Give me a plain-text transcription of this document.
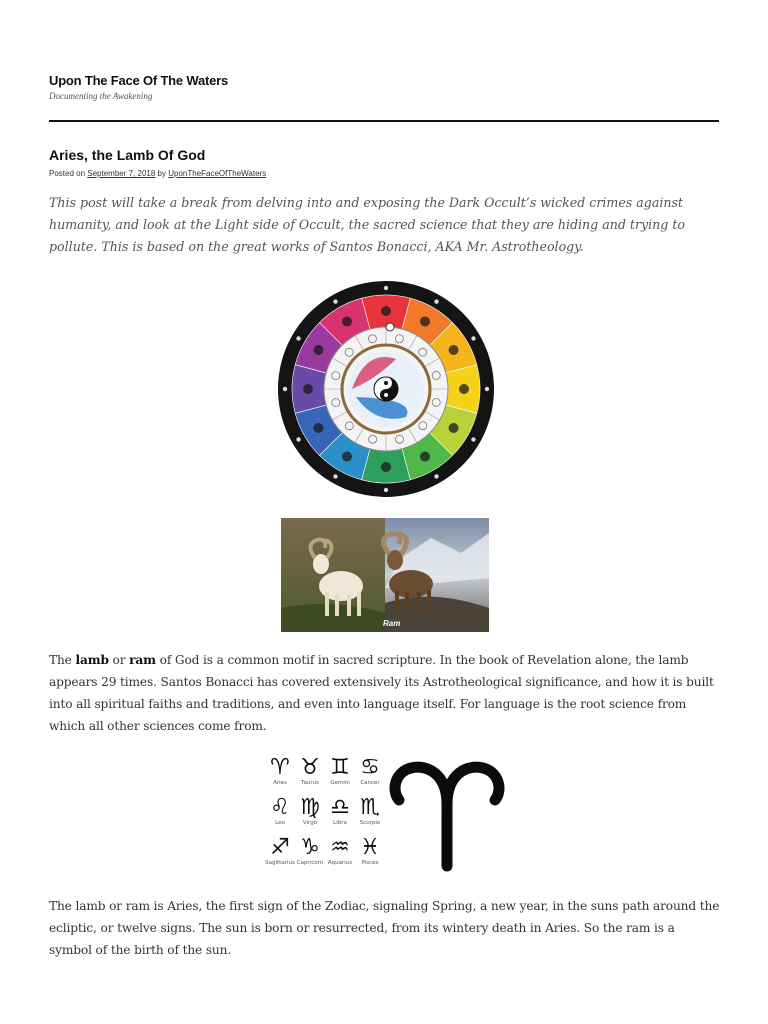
Upon The Face Of The Waters
Documenting the Awakening
Aries, the Lamb Of God
Posted on September 7, 2018 by UponTheFaceOfTheWaters

This post will take a break from delving into and exposing the Dark Occult’s wicked crimes against humanity, and look at the Light side of Occult, the sacred science that they are hiding and trying to pollute. This is based on the great works of Santos Bonacci, AKA Mr. Astrotheology.

Ram

The lamb or ram of God is a common motif in sacred scripture. In the book of Revelation alone, the lamb appears 29 times. Santos Bonacci has covered extensively its Astrotheological significance, and how it is built into all spiritual faiths and traditions, and even into language itself. For language is the root science from which all other sciences come from.

♈
Aries
♉
Taurus
♊
Gemini
♋
Cancer
♌
Leo
♍
Virgo
♎
Libra
♏
Scorpio
♐
Sagittarius
♑
Capricorn
♒
Aquarius
♓
Pisces

The lamb or ram is Aries, the first sign of the Zodiac, signaling Spring, a new year, in the suns path around the ecliptic, or twelve signs. The sun is born or resurrected, from its wintery death in Aries. So the ram is a symbol of the birth of the sun.
